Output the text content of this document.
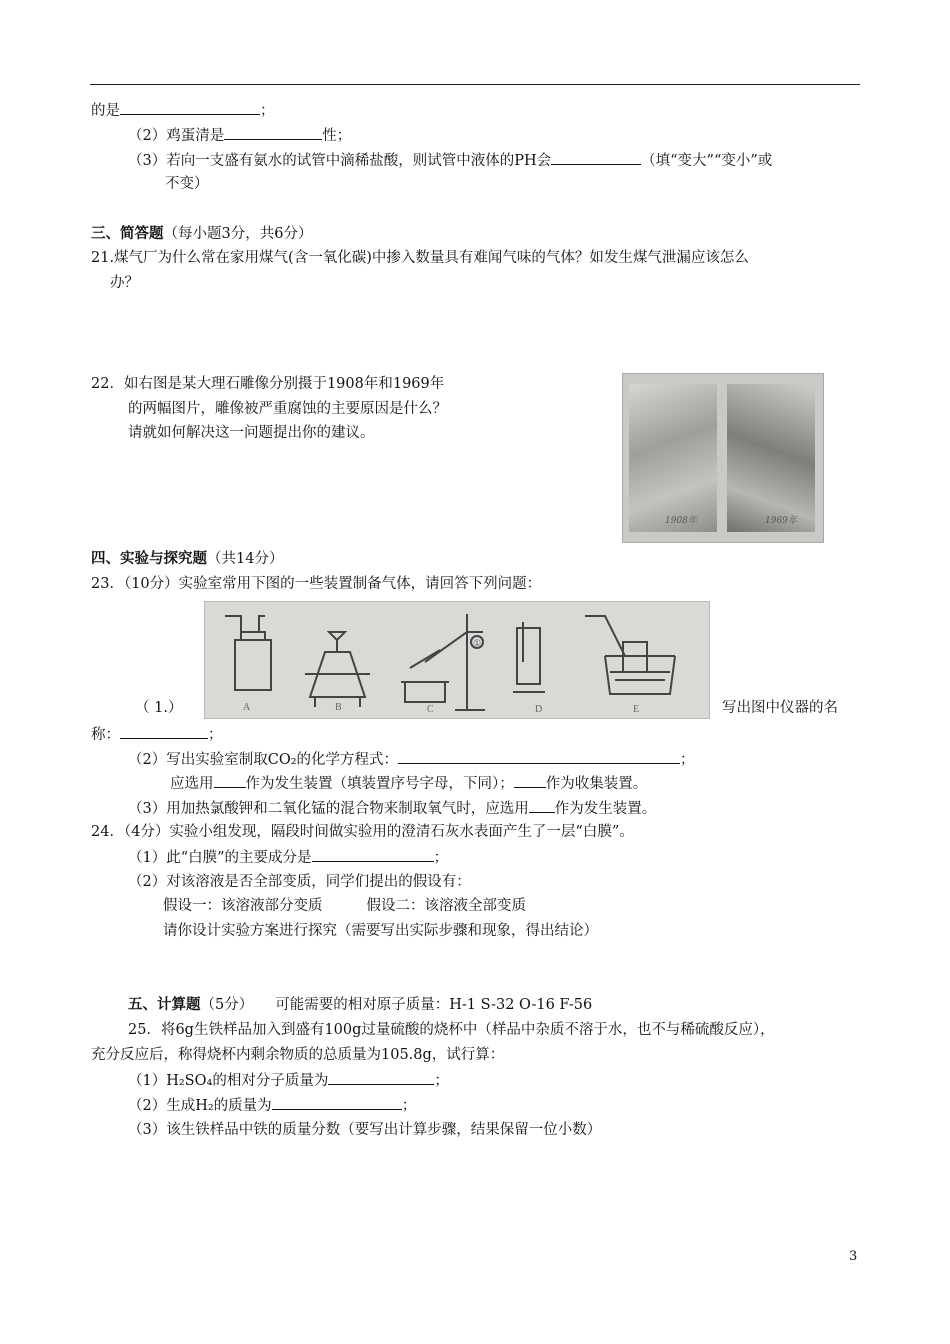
的是	；
（2）鸡蛋清是	性；
（3）若向一支盛有氨水的试管中滴稀盐酸，则试管中液体的PH会	（填“变大”“变小”或
不变）
三、简答题（每小题3分，共6分）
21.煤气厂为什么常在家用煤气(含一氧化碳)中掺入数量具有难闻气味的气体？如发生煤气泄漏应该怎么
办？
22．如右图是某大理石雕像分别摄于1908年和1969年
的两幅图片，雕像被严重腐蚀的主要原因是什么？
请就如何解决这一问题提出你的建议。
1908年	1969年
四、实验与探究题（共14分）
23．（10分）实验室常用下图的一些装置制备气体，请回答下列问题：
A	B	C	D	E
①
（ 1.）	写出图中仪器的名
称：	；
（2）写出实验室制取CO₂的化学方程式：	；
应选用 作为发生装置（填装置序号字母，下同）； 作为收集装置。
（3）用加热氯酸钾和二氧化锰的混合物来制取氧气时，应选用 作为发生装置。
24．（4分）实验小组发现，隔段时间做实验用的澄清石灰水表面产生了一层“白膜”。
（1）此“白膜”的主要成分是	；
（2）对该溶液是否全部变质，同学们提出的假设有：
假设一：该溶液部分变质	假设二：该溶液全部变质
请你设计实验方案进行探究（需要写出实际步骤和现象，得出结论）
五、计算题（5分） 可能需要的相对原子质量：H-1 S-32 O-16 F-56
25．将6g生铁样品加入到盛有100g过量硫酸的烧杯中（样品中杂质不溶于水，也不与稀硫酸反应），
充分反应后，称得烧杯内剩余物质的总质量为105.8g，试行算：
（1）H₂SO₄的相对分子质量为	；
（2）生成H₂的质量为	；
（3）该生铁样品中铁的质量分数（要写出计算步骤，结果保留一位小数）
3
